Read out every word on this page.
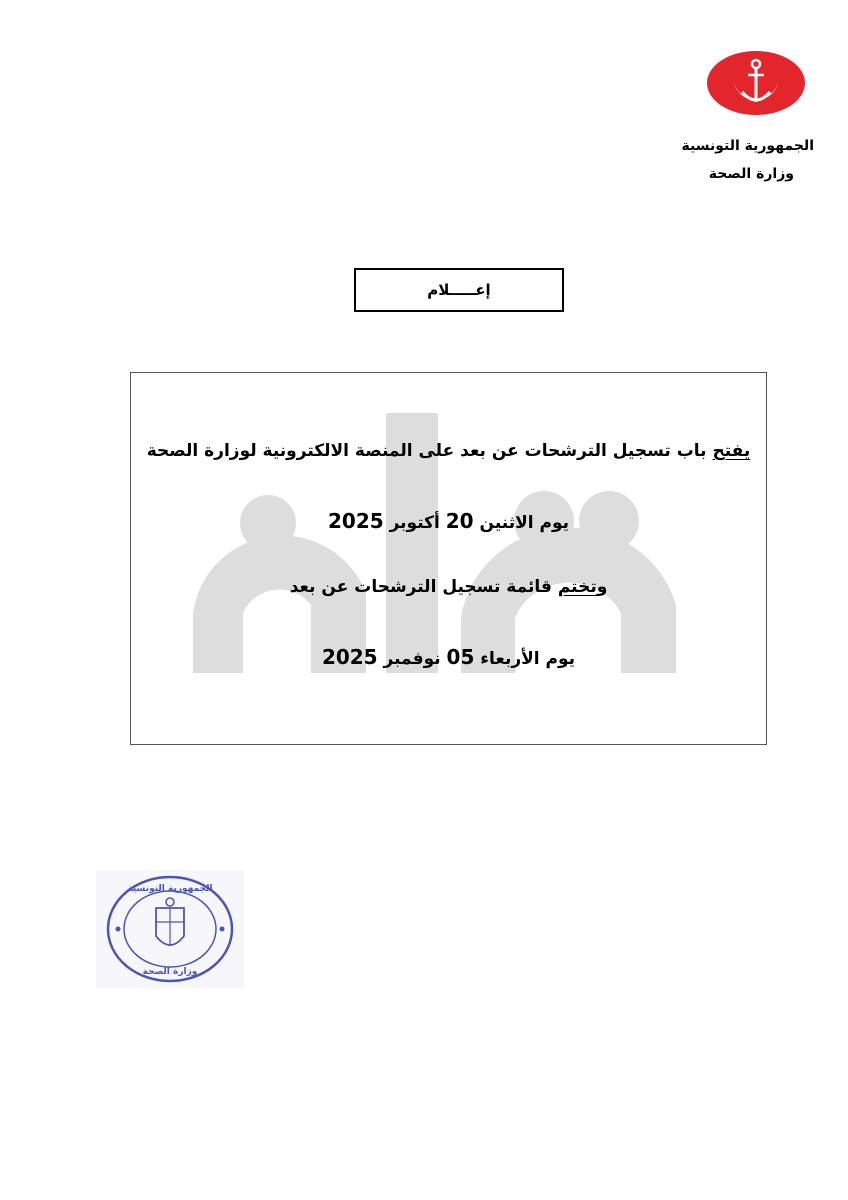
الجمهورية التونسية
وزارة الصحة
إعـــــلام
يفتح باب تسجيل الترشحات عن بعد على المنصة الالكترونية لوزارة الصحة
يوم الاثنين 20 أكتوبر 2025
وتختم قائمة تسجيل الترشحات عن بعد
يوم الأربعاء 05 نوفمبر 2025
الجمهورية التونسية
وزارة الصحة
